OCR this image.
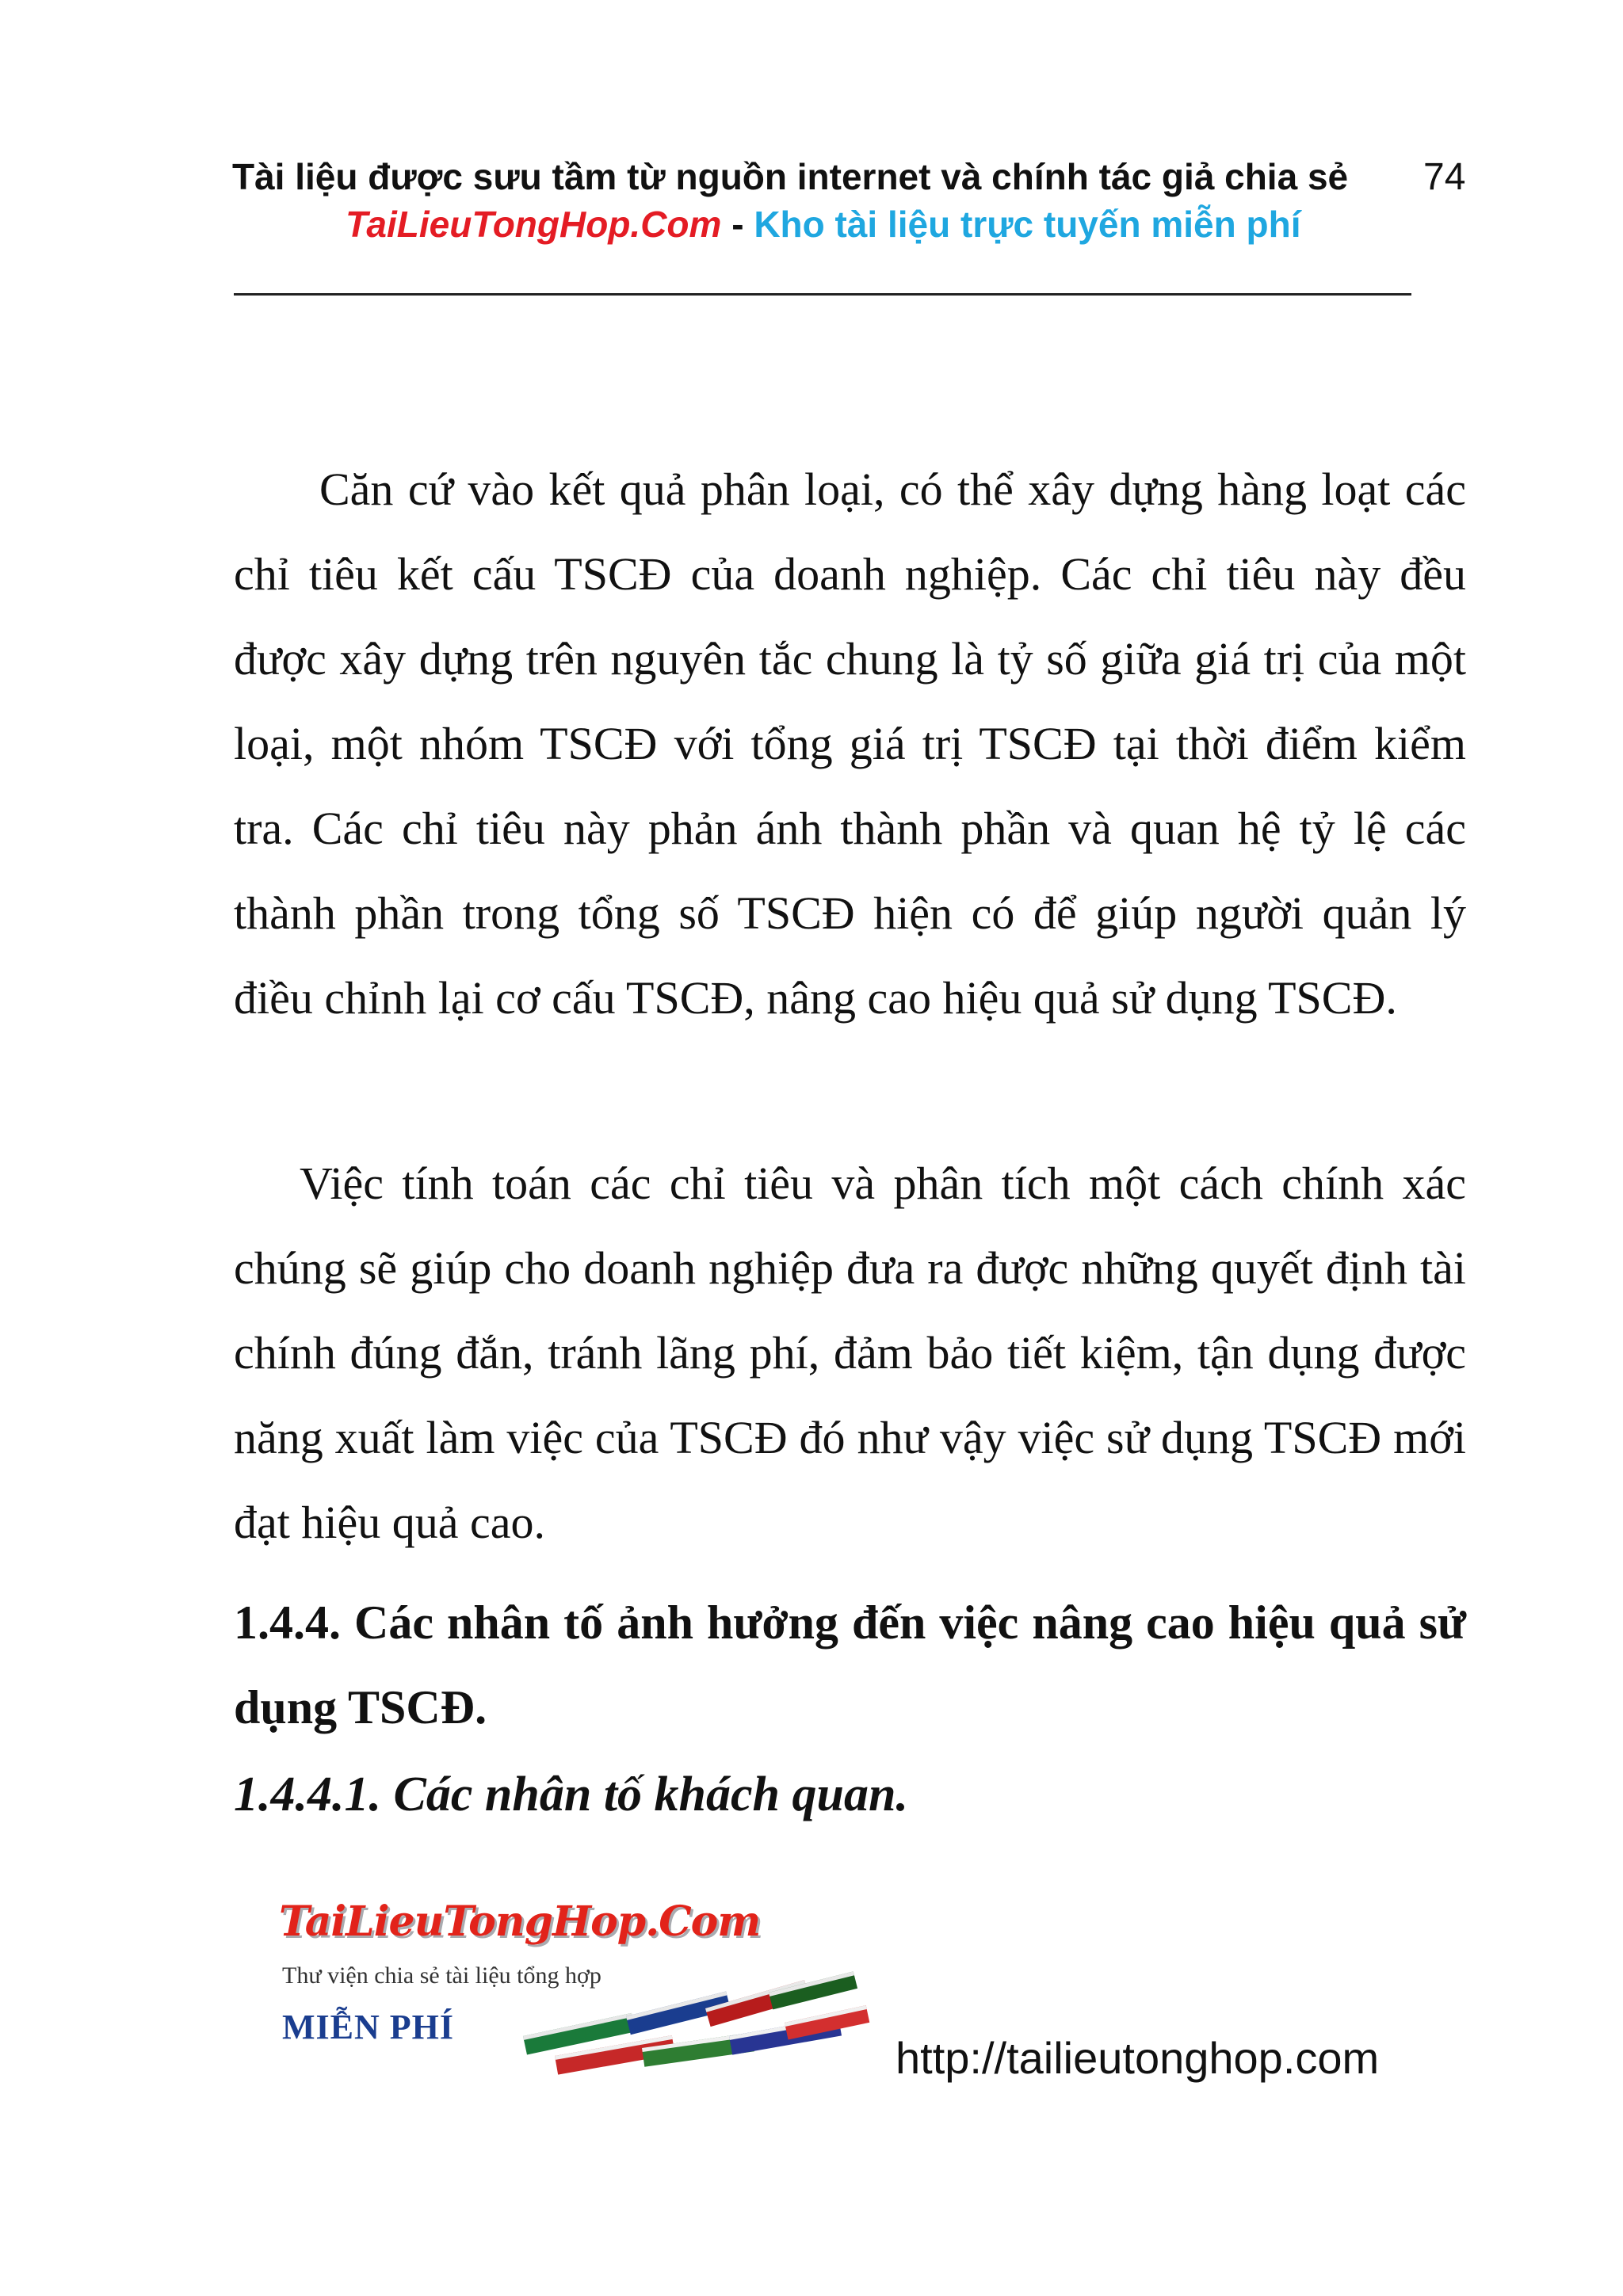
Tài liệu được sưu tầm từ nguồn internet và chính tác giả chia sẻ	74
TaiLieuTongHop.Com - Kho tài liệu trực tuyến miễn phí

Căn cứ vào kết quả phân loại, có thể xây dựng hàng loạt các chỉ tiêu kết cấu TSCĐ của doanh nghiệp. Các chỉ tiêu này đều được xây dựng trên nguyên tắc chung là tỷ số giữa giá trị của một loại, một nhóm TSCĐ với tổng giá trị TSCĐ tại thời điểm kiểm tra. Các chỉ tiêu này phản ánh thành phần và quan hệ tỷ lệ các thành phần trong tổng số TSCĐ hiện có để giúp người quản lý điều chỉnh lại cơ cấu TSCĐ, nâng cao hiệu quả sử dụng TSCĐ.

Việc tính toán các chỉ tiêu và phân tích một cách chính xác chúng sẽ giúp cho doanh nghiệp đưa ra được những quyết định tài chính đúng đắn, tránh lãng phí, đảm bảo tiết kiệm, tận dụng được năng xuất làm việc của TSCĐ đó như vậy việc sử dụng TSCĐ mới đạt hiệu quả cao.

1.4.4. Các nhân tố ảnh hưởng đến việc nâng cao hiệu quả sử dụng TSCĐ.
1.4.4.1. Các nhân tố khách quan.
TaiLieuTongHop.Com
Thư viện chia sẻ tài liệu tổng hợp
MIỄN PHÍ
http://tailieutonghop.com
